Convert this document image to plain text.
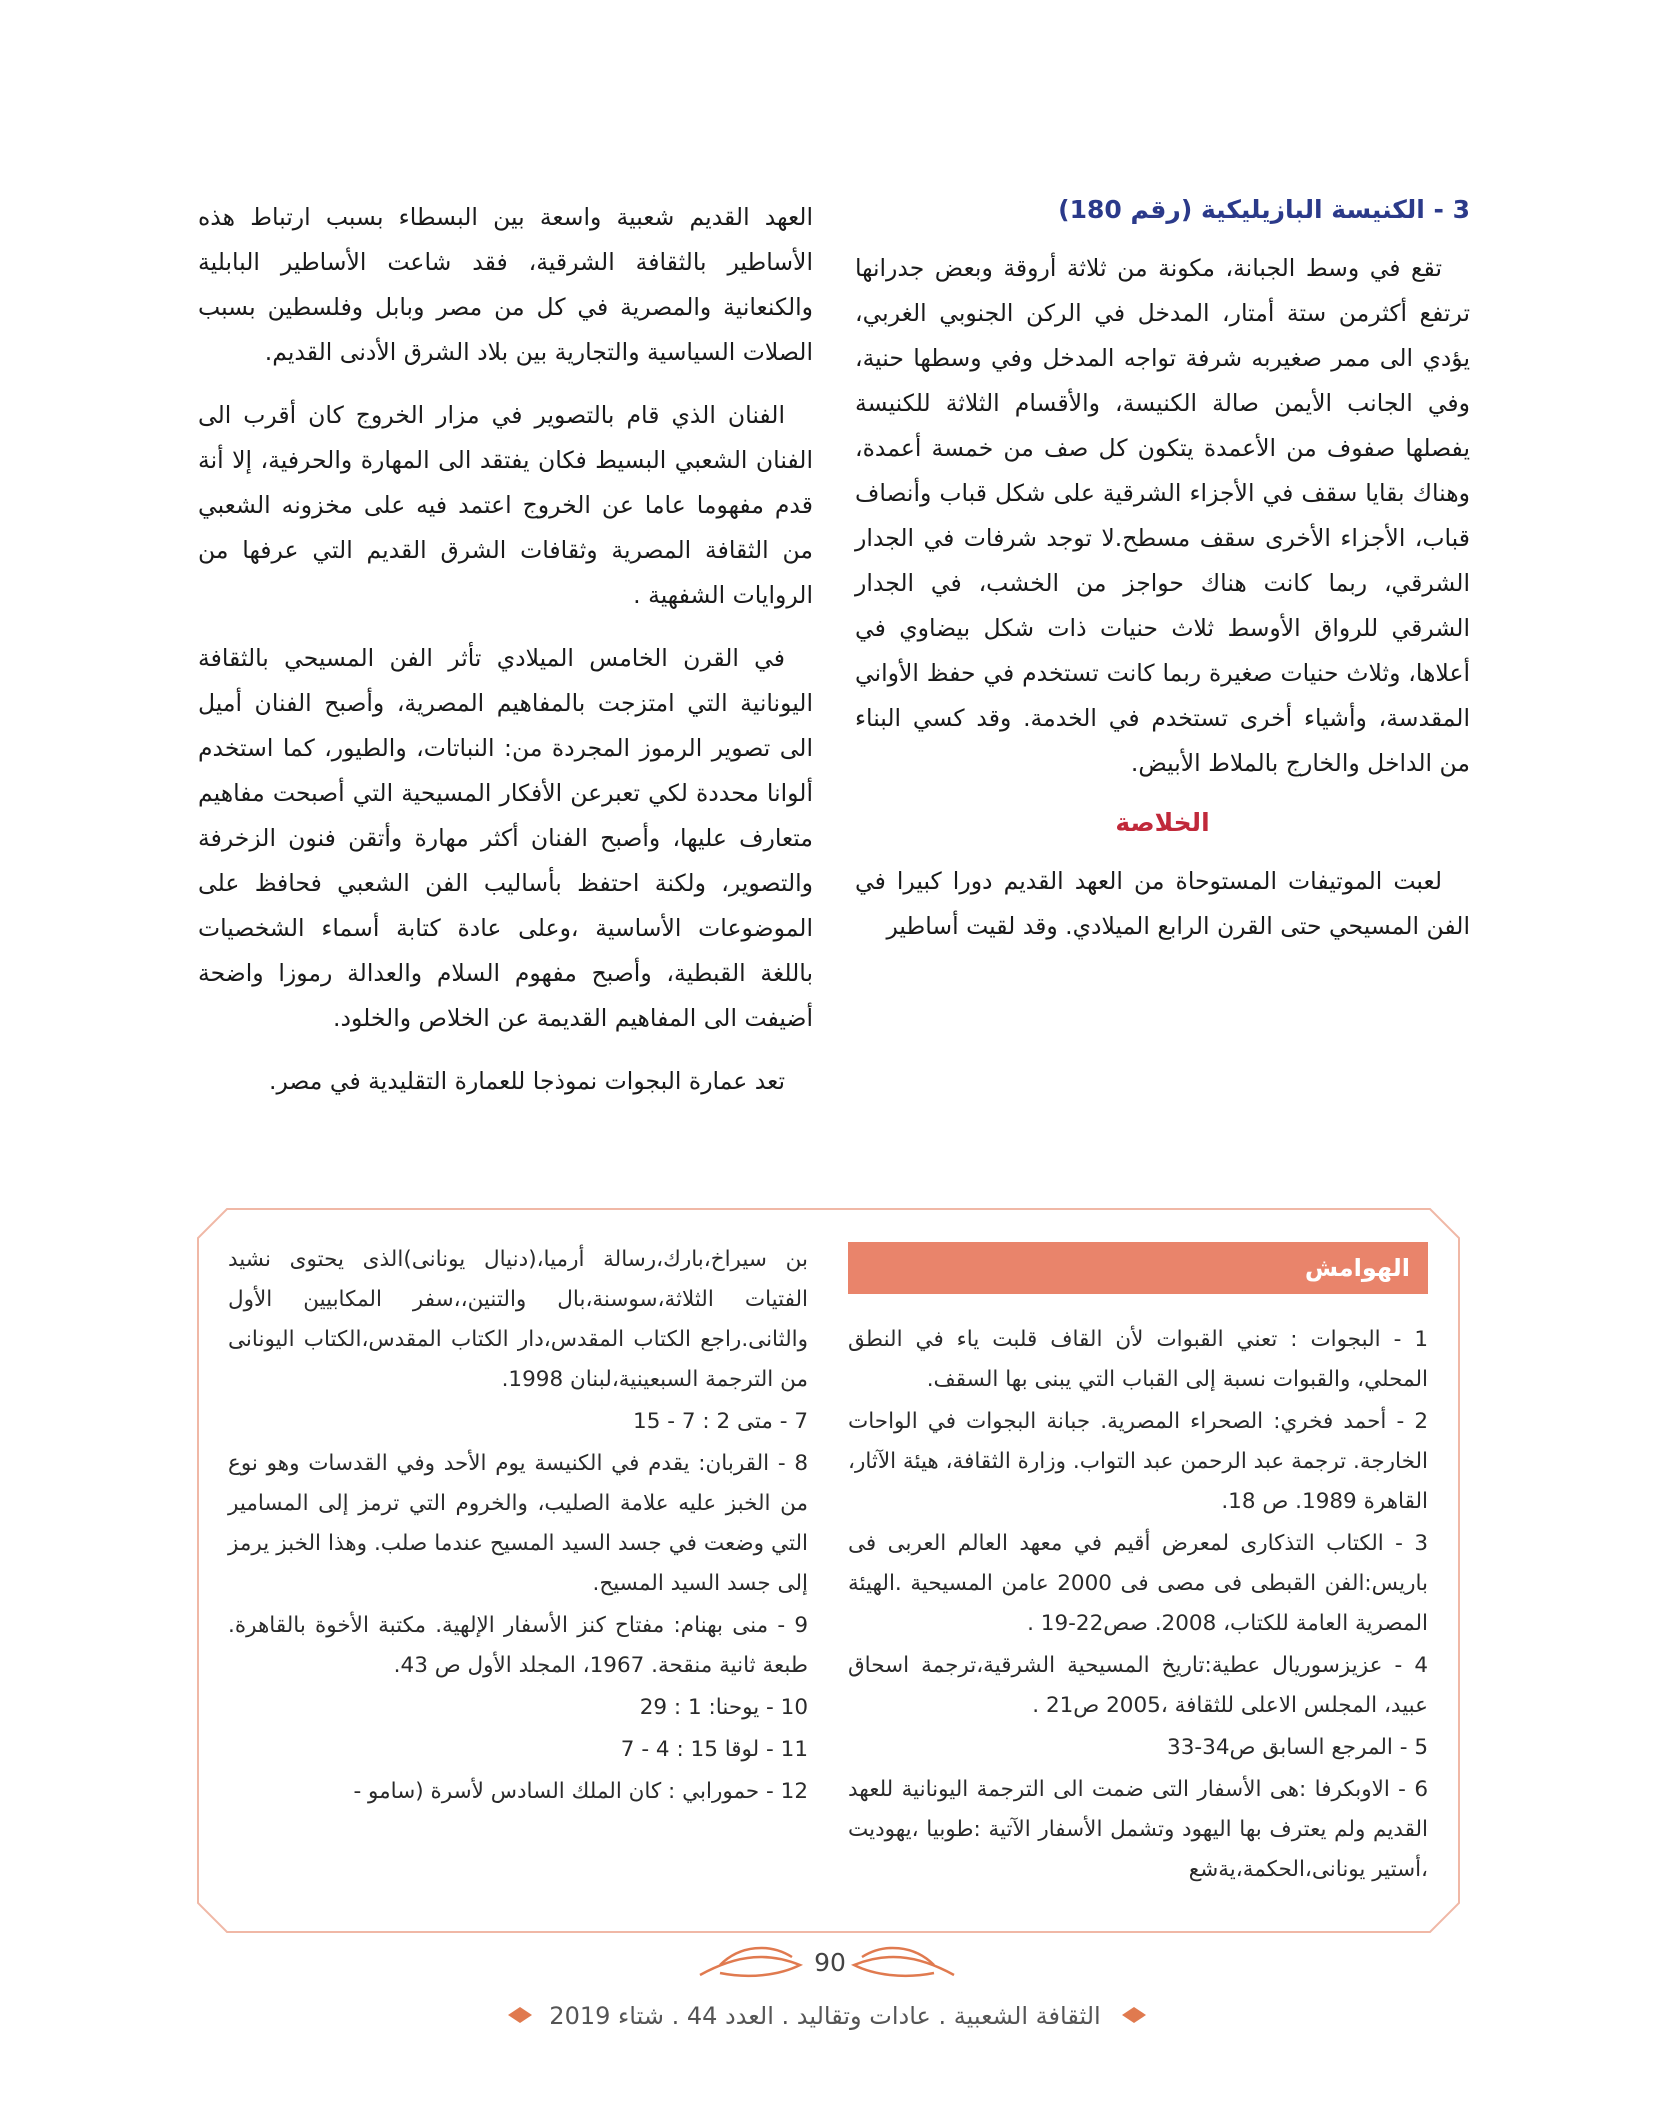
3 - الكنيسة البازيليكية (رقم 180)

تقع في وسط الجبانة، مكونة من ثلاثة أروقة وبعض جدرانها ترتفع أكثرمن ستة أمتار، المدخل في الركن الجنوبي الغربي، يؤدي الى ممر صغيربه شرفة تواجه المدخل وفي وسطها حنية، وفي الجانب الأيمن صالة الكنيسة، والأقسام الثلاثة للكنيسة يفصلها صفوف من الأعمدة يتكون كل صف من خمسة أعمدة، وهناك بقايا سقف في الأجزاء الشرقية على شكل قباب وأنصاف قباب، الأجزاء الأخرى سقف مسطح.لا توجد شرفات في الجدار الشرقي، ربما كانت هناك حواجز من الخشب، في الجدار الشرقي للرواق الأوسط ثلاث حنيات ذات شكل بيضاوي في أعلاها، وثلاث حنيات صغيرة ربما كانت تستخدم في حفظ الأواني المقدسة، وأشياء أخرى تستخدم في الخدمة. وقد كسي البناء من الداخل والخارج بالملاط الأبيض.

الخلاصة

لعبت الموتيفات المستوحاة من العهد القديم دورا كبيرا في الفن المسيحي حتى القرن الرابع الميلادي. وقد لقيت أساطير

العهد القديم شعبية واسعة بين البسطاء بسبب ارتباط هذه الأساطير بالثقافة الشرقية، فقد شاعت الأساطير البابلية والكنعانية والمصرية في كل من مصر وبابل وفلسطين بسبب الصلات السياسية والتجارية بين بلاد الشرق الأدنى القديم.

الفنان الذي قام بالتصوير في مزار الخروج كان أقرب الى الفنان الشعبي البسيط فكان يفتقد الى المهارة والحرفية، إلا أنة قدم مفهوما عاما عن الخروج اعتمد فيه على مخزونه الشعبي من الثقافة المصرية وثقافات الشرق القديم التي عرفها من الروايات الشفهية .

في القرن الخامس الميلادي تأثر الفن المسيحي بالثقافة اليونانية التي امتزجت بالمفاهيم المصرية، وأصبح الفنان أميل الى تصوير الرموز المجردة من: النباتات، والطيور، كما استخدم ألوانا محددة لكي تعبرعن الأفكار المسيحية التي أصبحت مفاهيم متعارف عليها، وأصبح الفنان أكثر مهارة وأتقن فنون الزخرفة والتصوير، ولكنة احتفظ بأساليب الفن الشعبي فحافظ على الموضوعات الأساسية ،وعلى عادة كتابة أسماء الشخصيات باللغة القبطية، وأصبح مفهوم السلام والعدالة رموزا واضحة أضيفت الى المفاهيم القديمة عن الخلاص والخلود.

تعد عمارة البجوات نموذجا للعمارة التقليدية في مصر.

الهوامش

1 - البجوات : تعني القبوات لأن القاف قلبت ياء في النطق المحلي، والقبوات نسبة إلى القباب التي يبنى بها السقف.

2 - أحمد فخري: الصحراء المصرية. جبانة البجوات في الواحات الخارجة. ترجمة عبد الرحمن عبد التواب. وزارة الثقافة، هيئة الآثار، القاهرة 1989. ص 18.

3 - الكتاب التذكارى لمعرض أقيم في معهد العالم العربى فى باريس:الفن القبطى فى مصى فى 2000 عامن المسيحية .الهيئة المصرية العامة للكتاب، 2008. صص22-19 .

4 - عزيزسوريال عطية:تاريخ المسيحية الشرقية،ترجمة اسحاق عبيد، المجلس الاعلى للثقافة ،2005 ص21 .

5 - المرجع السابق ص34-33

6 - الاوبكرفا :هى الأسفار التى ضمت الى الترجمة اليونانية للعهد القديم ولم يعترف بها اليهود وتشمل الأسفار الآتية :طوبيا ،يهوديت ،أستير يونانى،الحكمة،يةشع

بن سيراخ،بارك،رسالة أرميا،(دنيال يونانى)الذى يحتوى نشيد الفتيات الثلاثة،سوسنة،بال والتنين،،سفر المكابيين الأول والثانى.راجع الكتاب المقدس،دار الكتاب المقدس،الكتاب اليونانى من الترجمة السبعينية،لبنان 1998.

7 - متى 2 : 7 - 15

8 - القربان: يقدم في الكنيسة يوم الأحد وفي القدسات وهو نوع من الخبز عليه علامة الصليب، والخروم التي ترمز إلى المسامير التي وضعت في جسد السيد المسيح عندما صلب. وهذا الخبز يرمز إلى جسد السيد المسيح.

9 - منى بهنام: مفتاح كنز الأسفار الإلهية. مكتبة الأخوة بالقاهرة. طبعة ثانية منقحة. 1967، المجلد الأول ص 43.

10 - يوحنا: 1 : 29

11 - لوقا 15 : 4 - 7

12 - حمورابي : كان الملك السادس لأسرة (سامو -

90
الثقافة الشعبية . عادات وتقاليد . العدد 44 . شتاء 2019
